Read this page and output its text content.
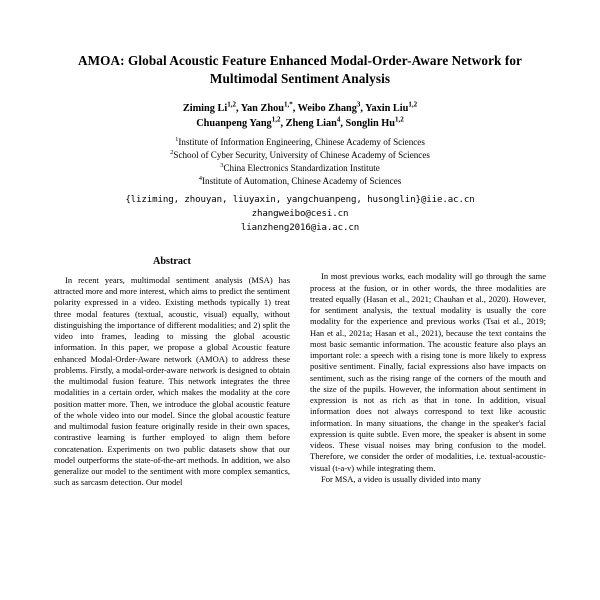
AMOA: Global Acoustic Feature Enhanced Modal-Order-Aware Network for Multimodal Sentiment Analysis
Ziming Li$^{1,2}$, Yan Zhou$^{1,*}$, Weibo Zhang$^3$, Yaxin Liu$^{1,2}$
Chuanpeng Yang$^{1,2}$, Zheng Lian$^4$, Songlin Hu$^{1,2}$
$^1$Institute of Information Engineering, Chinese Academy of Sciences
$^2$School of Cyber Security, University of Chinese Academy of Sciences
$^3$China Electronics Standardization Institute
$^4$Institute of Automation, Chinese Academy of Sciences
{liziming, zhouyan, liuyaxin, yangchuanpeng, husonglin}@iie.ac.cn
zhangweibo@cesi.cn
lianzheng2016@ia.ac.cn
Abstract

In recent years, multimodal sentiment analysis (MSA) has attracted more and more interest, which aims to predict the sentiment polarity expressed in a video. Existing methods typically 1) treat three modal features (textual, acoustic, visual) equally, without distinguishing the importance of different modalities; and 2) split the video into frames, leading to missing the global acoustic information. In this paper, we propose a global Acoustic feature enhanced Modal-Order-Aware network (AMOA) to address these problems. Firstly, a modal-order-aware network is designed to obtain the multimodal fusion feature. This network integrates the three modalities in a certain order, which makes the modality at the core position matter more. Then, we introduce the global acoustic feature of the whole video into our model. Since the global acoustic feature and multimodal fusion feature originally reside in their own spaces, contrastive learning is further employed to align them before concatenation. Experiments on two public datasets show that our model outperforms the state-of-the-art methods. In addition, we also generalize our model to the sentiment with more complex semantics, such as sarcasm detection. Our model

In most previous works, each modality will go through the same process at the fusion, or in other words, the three modalities are treated equally (Hasan et al., 2021; Chauhan et al., 2020). However, for sentiment analysis, the textual modality is usually the core modality for the experience and previous works (Tsai et al., 2019; Han et al., 2021a; Hasan et al., 2021), because the text contains the most basic semantic information. The acoustic feature also plays an important role: a speech with a rising tone is more likely to express positive sentiment. Finally, facial expressions also have impacts on sentiment, such as the rising range of the corners of the mouth and the size of the pupils. However, the information about sentiment in expression is not as rich as that in tone. In addition, visual information does not always correspond to text like acoustic information. In many situations, the change in the speaker's facial expression is quite subtle. Even more, the speaker is absent in some videos. These visual noises may bring confusion to the model. Therefore, we consider the order of modalities, i.e. textual-acoustic-visual (t-a-v) while integrating them.

For MSA, a video is usually divided into many
